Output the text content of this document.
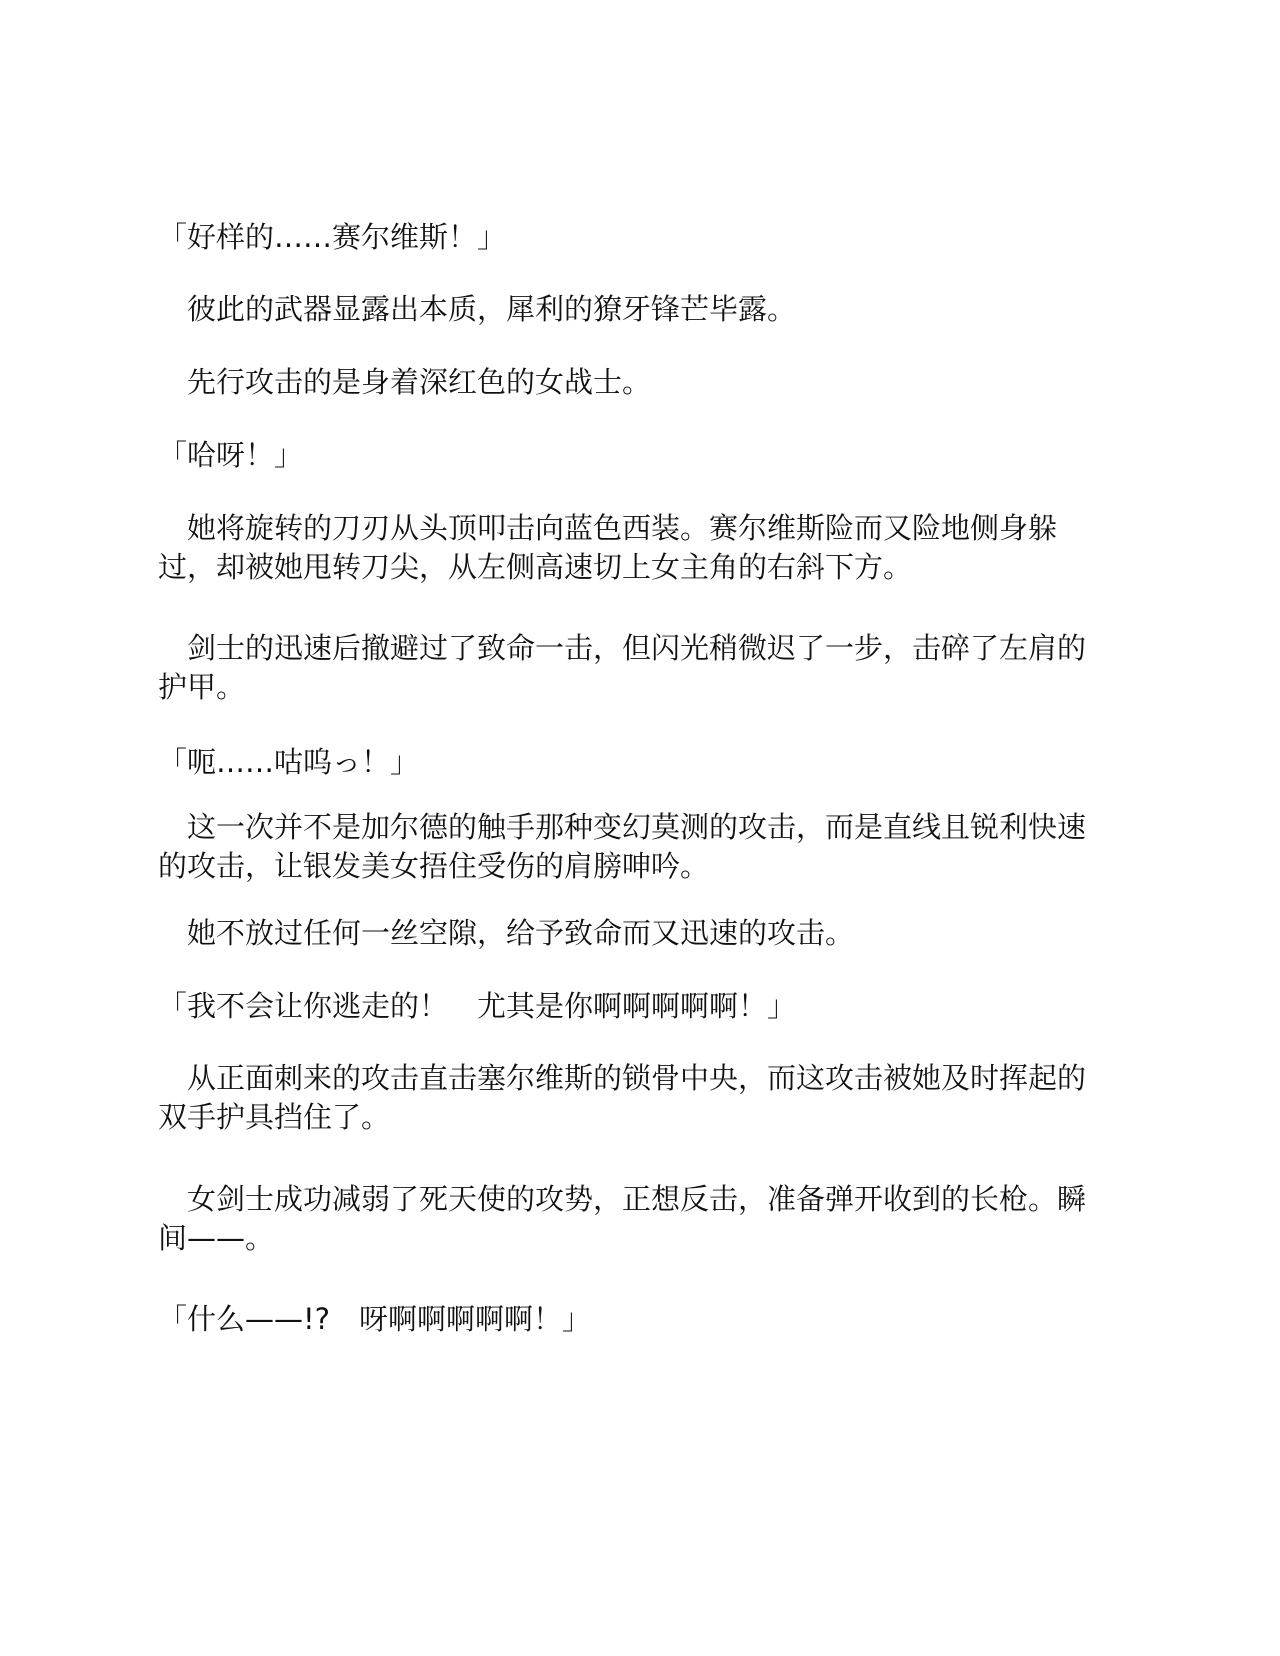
「好样的……赛尔维斯！」

彼此的武器显露出本质，犀利的獠牙锋芒毕露。

先行攻击的是身着深红色的女战士。

「哈呀！」

她将旋转的刀刃从头顶叩击向蓝色西装。赛尔维斯险而又险地侧身躲过，却被她甩转刀尖，从左侧高速切上女主角的右斜下方。

剑士的迅速后撤避过了致命一击，但闪光稍微迟了一步，击碎了左肩的护甲。

「呃……咕呜っ！」

这一次并不是加尔德的触手那种变幻莫测的攻击，而是直线且锐利快速的攻击，让银发美女捂住受伤的肩膀呻吟。

她不放过任何一丝空隙，给予致命而又迅速的攻击。

「我不会让你逃走的！　尤其是你啊啊啊啊啊！」

从正面刺来的攻击直击塞尔维斯的锁骨中央，而这攻击被她及时挥起的双手护具挡住了。

女剑士成功减弱了死天使的攻势，正想反击，准备弹开收到的长枪。瞬间——。

「什么——!?　呀啊啊啊啊啊！」
